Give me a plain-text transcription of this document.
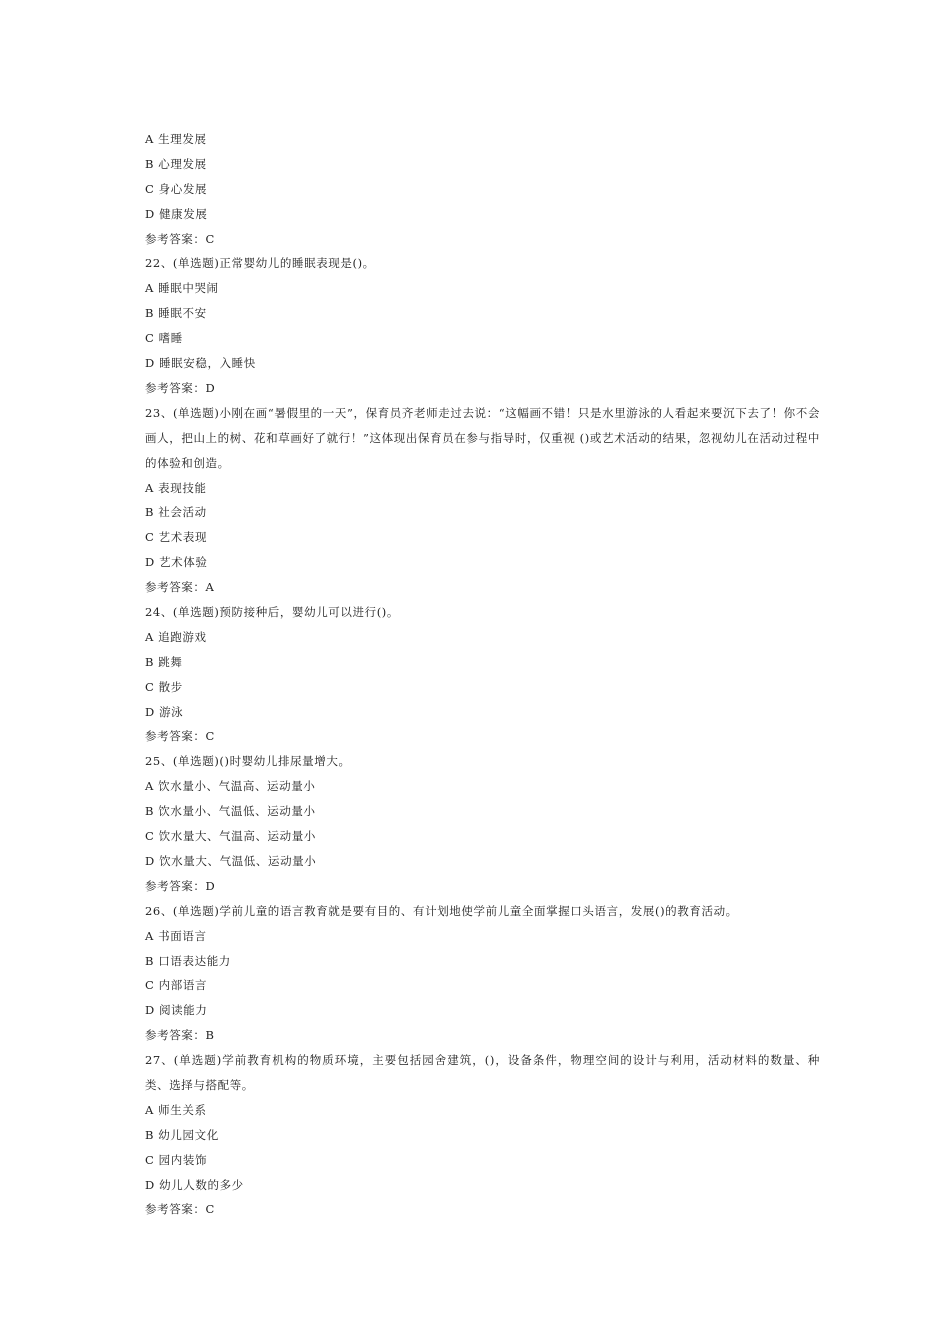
A 生理发展
B 心理发展
C 身心发展
D 健康发展
参考答案：C
22、(单选题)正常婴幼儿的睡眠表现是()。
A 睡眠中哭闹
B 睡眠不安
C 嗜睡
D 睡眠安稳，入睡快
参考答案：D
23、(单选题)小刚在画“暑假里的一天”，保育员齐老师走过去说：“这幅画不错！只是水里游泳的人看起来要沉下去了！你不会画人，把山上的树、花和草画好了就行！”这体现出保育员在参与指导时，仅重视 ()或艺术活动的结果，忽视幼儿在活动过程中的体验和创造。
A 表现技能
B 社会活动
C 艺术表现
D 艺术体验
参考答案：A
24、(单选题)预防接种后，婴幼儿可以进行()。
A 追跑游戏
B 跳舞
C 散步
D 游泳
参考答案：C
25、(单选题)()时婴幼儿排尿量增大。
A 饮水量小、气温高、运动量小
B 饮水量小、气温低、运动量小
C 饮水量大、气温高、运动量小
D 饮水量大、气温低、运动量小
参考答案：D
26、(单选题)学前儿童的语言教育就是要有目的、有计划地使学前儿童全面掌握口头语言，发展()的教育活动。
A 书面语言
B 口语表达能力
C 内部语言
D 阅读能力
参考答案：B
27、(单选题)学前教育机构的物质环境，主要包括园舍建筑，()，设备条件，物理空间的设计与利用，活动材料的数量、种类、选择与搭配等。
A 师生关系
B 幼儿园文化
C 园内装饰
D 幼儿人数的多少
参考答案：C
